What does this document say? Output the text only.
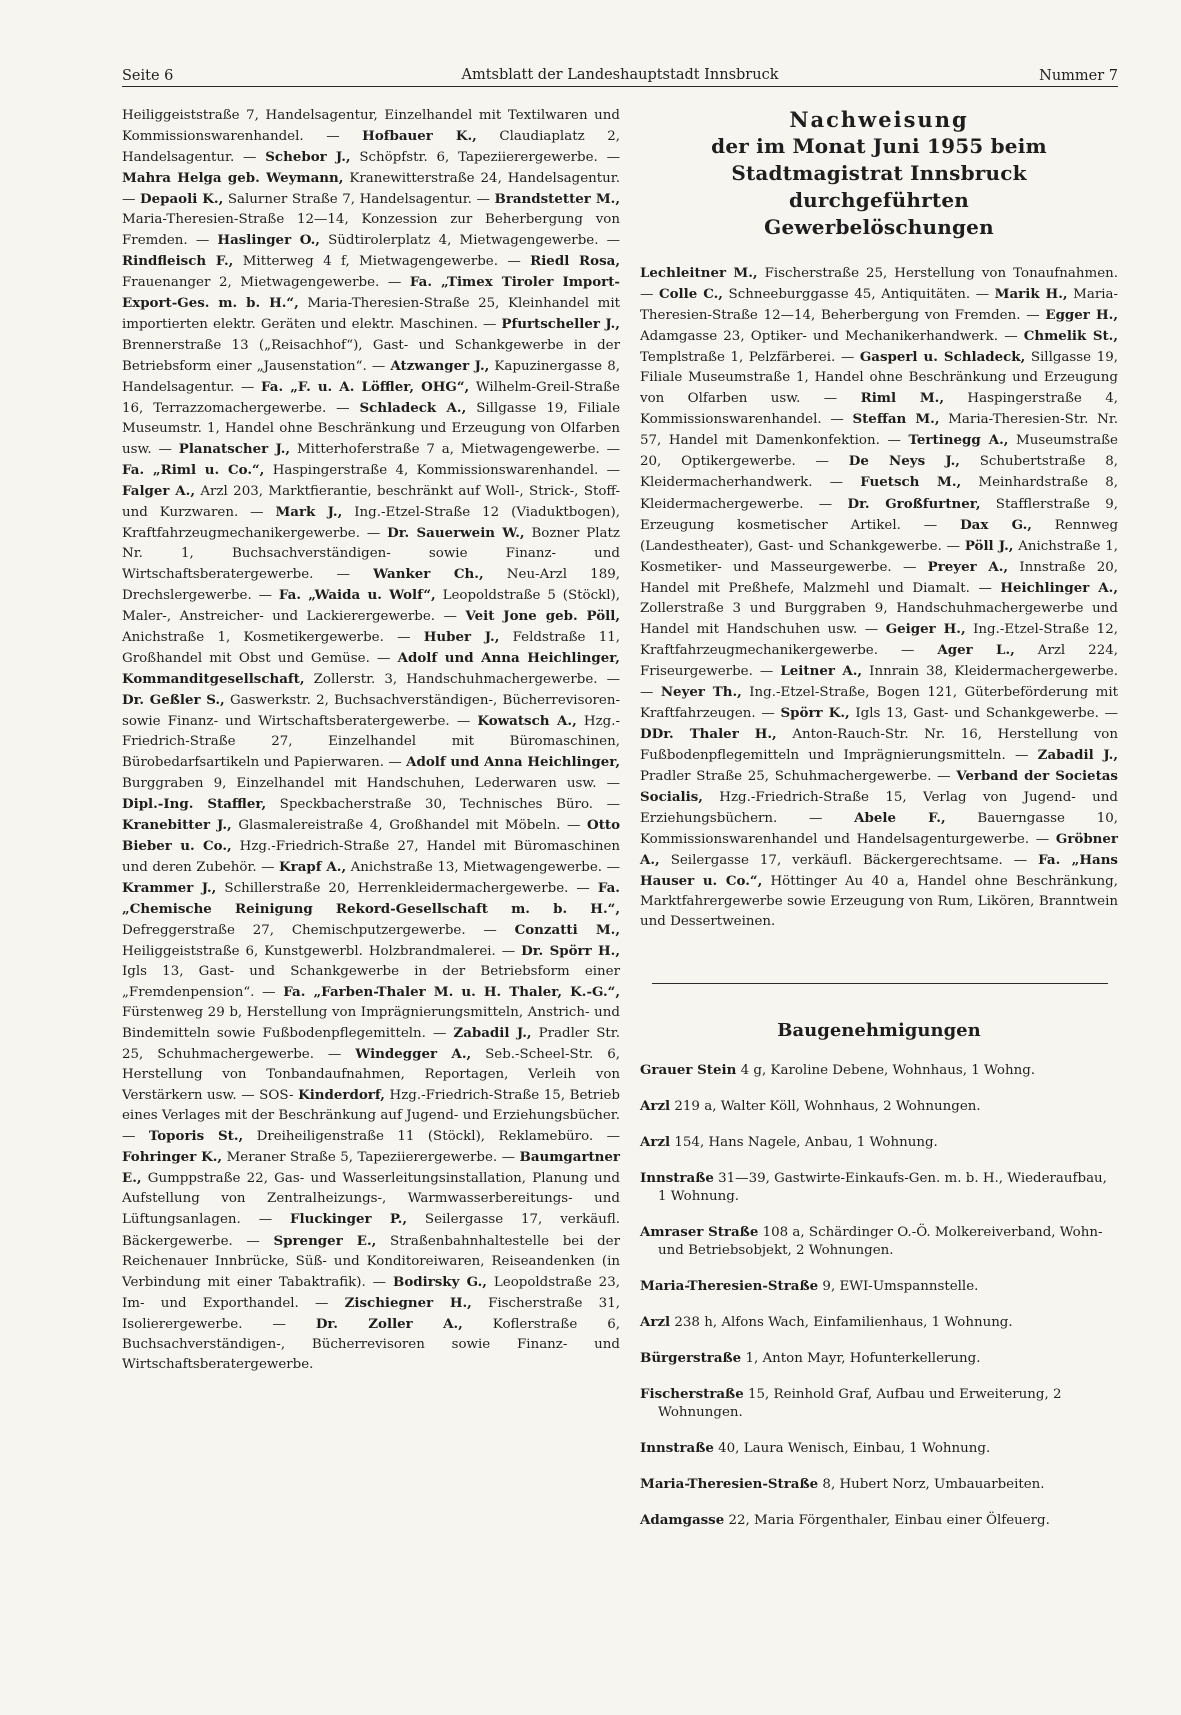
Seite 6	Amtsblatt der Landeshauptstadt Innsbruck	Nummer 7

Heiliggeiststraße 7, Handelsagentur, Einzelhandel mit Textilwaren und Kommissionswarenhandel. — Hofbauer K., Claudiaplatz 2, Handelsagentur. — Schebor J., Schöpfstr. 6, Tapeziierergewerbe. — Mahra Helga geb. Weymann, Kranewitterstraße 24, Handelsagentur. — Depaoli K., Salurner Straße 7, Handelsagentur. — Brandstetter M., Maria-Theresien-Straße 12—14, Konzession zur Beherbergung von Fremden. — Haslinger O., Südtirolerplatz 4, Mietwagengewerbe. — Rindfleisch F., Mitterweg 4 f, Mietwagengewerbe. — Riedl Rosa, Frauenanger 2, Mietwagengewerbe. — Fa. „Timex Tiroler Import-Export-Ges. m. b. H.“, Maria-Theresien-Straße 25, Kleinhandel mit importierten elektr. Geräten und elektr. Maschinen. — Pfurtscheller J., Brennerstraße 13 („Reisachhof“), Gast- und Schankgewerbe in der Betriebsform einer „Jausenstation“. — Atzwanger J., Kapuzinergasse 8, Handelsagentur. — Fa. „F. u. A. Löffler, OHG“, Wilhelm-Greil-Straße 16, Terrazzomachergewerbe. — Schladeck A., Sillgasse 19, Filiale Museumstr. 1, Handel ohne Beschränkung und Erzeugung von Olfarben usw. — Planatscher J., Mitterhoferstraße 7 a, Mietwagengewerbe. — Fa. „Riml u. Co.“, Haspingerstraße 4, Kommissionswarenhandel. — Falger A., Arzl 203, Marktfierantie, beschränkt auf Woll-, Strick-, Stoff- und Kurzwaren. — Mark J., Ing.-Etzel-Straße 12 (Viaduktbogen), Kraftfahrzeugmechanikergewerbe. — Dr. Sauerwein W., Bozner Platz Nr. 1, Buchsachverständigen- sowie Finanz- und Wirtschaftsberatergewerbe. — Wanker Ch., Neu-Arzl 189, Drechslergewerbe. — Fa. „Waida u. Wolf“, Leopoldstraße 5 (Stöckl), Maler-, Anstreicher- und Lackierergewerbe. — Veit Jone geb. Pöll, Anichstraße 1, Kosmetikergewerbe. — Huber J., Feldstraße 11, Großhandel mit Obst und Gemüse. — Adolf und Anna Heichlinger, Kommanditgesellschaft, Zollerstr. 3, Handschuhmachergewerbe. — Dr. Geßler S., Gaswerkstr. 2, Buchsachverständigen-, Bücherrevisoren- sowie Finanz- und Wirtschaftsberatergewerbe. — Kowatsch A., Hzg.-Friedrich-Straße 27, Einzelhandel mit Büromaschinen, Bürobedarfsartikeln und Papierwaren. — Adolf und Anna Heichlinger, Burggraben 9, Einzelhandel mit Handschuhen, Lederwaren usw. — Dipl.-Ing. Staffler, Speckbacherstraße 30, Technisches Büro. — Kranebitter J., Glasmalereistraße 4, Großhandel mit Möbeln. — Otto Bieber u. Co., Hzg.-Friedrich-Straße 27, Handel mit Büromaschinen und deren Zubehör. — Krapf A., Anichstraße 13, Mietwagengewerbe. — Krammer J., Schillerstraße 20, Herrenkleidermachergewerbe. — Fa. „Chemische Reinigung Rekord-Gesellschaft m. b. H.“, Defreggerstraße 27, Chemischputzergewerbe. — Conzatti M., Heiliggeiststraße 6, Kunstgewerbl. Holzbrandmalerei. — Dr. Spörr H., Igls 13, Gast- und Schankgewerbe in der Betriebsform einer „Fremdenpension“. — Fa. „Farben-Thaler M. u. H. Thaler, K.-G.“, Fürstenweg 29 b, Herstellung von Imprägnierungsmitteln, Anstrich- und Bindemitteln sowie Fußbodenpflegemitteln. — Zabadil J., Pradler Str. 25, Schuhmachergewerbe. — Windegger A., Seb.-Scheel-Str. 6, Herstellung von Tonbandaufnahmen, Reportagen, Verleih von Verstärkern usw. — SOS- Kinderdorf, Hzg.-Friedrich-Straße 15, Betrieb eines Verlages mit der Beschränkung auf Jugend- und Erziehungsbücher. — Toporis St., Dreiheiligenstraße 11 (Stöckl), Reklamebüro. — Fohringer K., Meraner Straße 5, Tapeziierergewerbe. — Baumgartner E., Gumppstraße 22, Gas- und Wasserleitungsinstallation, Planung und Aufstellung von Zentralheizungs-, Warmwasserbereitungs- und Lüftungsanlagen. — Fluckinger P., Seilergasse 17, verkäufl. Bäckergewerbe. — Sprenger E., Straßenbahnhaltestelle bei der Reichenauer Innbrücke, Süß- und Konditoreiwaren, Reiseandenken (in Verbindung mit einer Tabaktrafik). — Bodirsky G., Leopoldstraße 23, Im- und Exporthandel. — Zischiegner H., Fischerstraße 31, Isolierergewerbe. — Dr. Zoller A., Koflerstraße 6, Buchsachverständigen-, Bücherrevisoren sowie Finanz- und Wirtschaftsberatergewerbe.

Nachweisung
der im Monat Juni 1955 beim
Stadtmagistrat Innsbruck durchgeführten
Gewerbelöschungen

Lechleitner M., Fischerstraße 25, Herstellung von Tonaufnahmen. — Colle C., Schneeburggasse 45, Antiquitäten. — Marik H., Maria-Theresien-Straße 12—14, Beherbergung von Fremden. — Egger H., Adamgasse 23, Optiker- und Mechanikerhandwerk. — Chmelik St., Templstraße 1, Pelzfärberei. — Gasperl u. Schladeck, Sillgasse 19, Filiale Museumstraße 1, Handel ohne Beschränkung und Erzeugung von Olfarben usw. — Riml M., Haspingerstraße 4, Kommissionswarenhandel. — Steffan M., Maria-Theresien-Str. Nr. 57, Handel mit Damenkonfektion. — Tertinegg A., Museumstraße 20, Optikergewerbe. — De Neys J., Schubertstraße 8, Kleidermacherhandwerk. — Fuetsch M., Meinhardstraße 8, Kleidermachergewerbe. — Dr. Großfurtner, Stafflerstraße 9, Erzeugung kosmetischer Artikel. — Dax G., Rennweg (Landestheater), Gast- und Schankgewerbe. — Pöll J., Anichstraße 1, Kosmetiker- und Masseurgewerbe. — Preyer A., Innstraße 20, Handel mit Preßhefe, Malzmehl und Diamalt. — Heichlinger A., Zollerstraße 3 und Burggraben 9, Handschuhmachergewerbe und Handel mit Handschuhen usw. — Geiger H., Ing.-Etzel-Straße 12, Kraftfahrzeugmechanikergewerbe. — Ager L., Arzl 224, Friseurgewerbe. — Leitner A., Innrain 38, Kleidermachergewerbe. — Neyer Th., Ing.-Etzel-Straße, Bogen 121, Güterbeförderung mit Kraftfahrzeugen. — Spörr K., Igls 13, Gast- und Schankgewerbe. — DDr. Thaler H., Anton-Rauch-Str. Nr. 16, Herstellung von Fußbodenpflegemitteln und Imprägnierungsmitteln. — Zabadil J., Pradler Straße 25, Schuhmachergewerbe. — Verband der Societas Socialis, Hzg.-Friedrich-Straße 15, Verlag von Jugend- und Erziehungsbüchern. — Abele F., Bauerngasse 10, Kommissionswarenhandel und Handelsagenturgewerbe. — Gröbner A., Seilergasse 17, verkäufl. Bäckergerechtsame. — Fa. „Hans Hauser u. Co.“, Höttinger Au 40 a, Handel ohne Beschränkung, Marktfahrergewerbe sowie Erzeugung von Rum, Likören, Branntwein und Dessertweinen.

Baugenehmigungen

Grauer Stein 4 g, Karoline Debene, Wohnhaus, 1 Wohng.

Arzl 219 a, Walter Köll, Wohnhaus, 2 Wohnungen.

Arzl 154, Hans Nagele, Anbau, 1 Wohnung.

Innstraße 31—39, Gastwirte-Einkaufs-Gen. m. b. H., Wiederaufbau, 1 Wohnung.

Amraser Straße 108 a, Schärdinger O.-Ö. Molkereiverband, Wohn- und Betriebsobjekt, 2 Wohnungen.

Maria-Theresien-Straße 9, EWI-Umspannstelle.

Arzl 238 h, Alfons Wach, Einfamilienhaus, 1 Wohnung.

Bürgerstraße 1, Anton Mayr, Hofunterkellerung.

Fischerstraße 15, Reinhold Graf, Aufbau und Erweiterung, 2 Wohnungen.

Innstraße 40, Laura Wenisch, Einbau, 1 Wohnung.

Maria-Theresien-Straße 8, Hubert Norz, Umbauarbeiten.

Adamgasse 22, Maria Förgenthaler, Einbau einer Ölfeuerg.
